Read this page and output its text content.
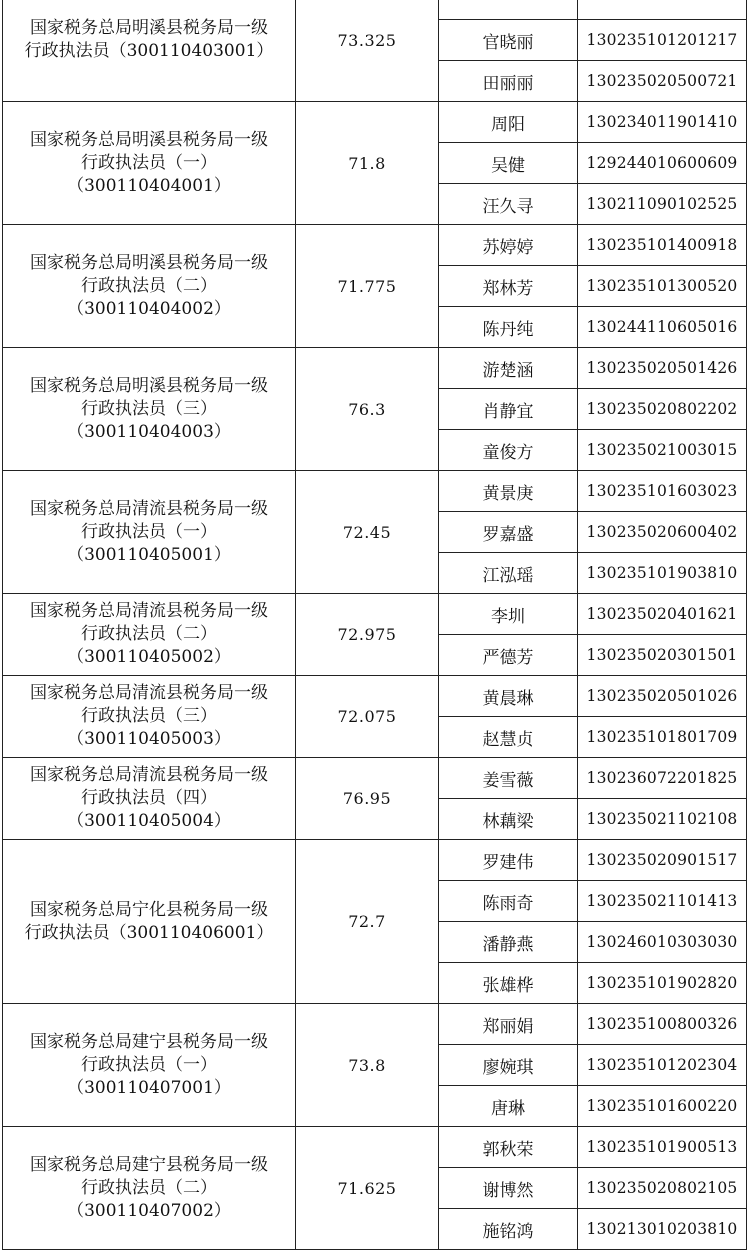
国家税务总局明溪县税务局一级
行政执法员（300110403001）	73.325		
		官晓丽	130235101201217
		田丽丽	130235020500721

国家税务总局明溪县税务局一级
行政执法员（一）
（300110404001）	71.8	周阳	130234011901410
		吴健	129244010600609
		汪久寻	130211090102525

国家税务总局明溪县税务局一级
行政执法员（二）
（300110404002）	71.775	苏婷婷	130235101400918
		郑林芳	130235101300520
		陈丹纯	130244110605016

国家税务总局明溪县税务局一级
行政执法员（三）
（300110404003）	76.3	游楚涵	130235020501426
		肖静宜	130235020802202
		童俊方	130235021003015

国家税务总局清流县税务局一级
行政执法员（一）
（300110405001）	72.45	黄景庚	130235101603023
		罗嘉盛	130235020600402
		江泓瑶	130235101903810

国家税务总局清流县税务局一级
行政执法员（二）
（300110405002）	72.975	李圳	130235020401621
		严德芳	130235020301501

国家税务总局清流县税务局一级
行政执法员（三）
（300110405003）	72.075	黄晨琳	130235020501026
		赵慧贞	130235101801709

国家税务总局清流县税务局一级
行政执法员（四）
（300110405004）	76.95	姜雪薇	130236072201825
		林藕梁	130235021102108

国家税务总局宁化县税务局一级
行政执法员（300110406001）	72.7	罗建伟	130235020901517
		陈雨奇	130235021101413
		潘静燕	130246010303030
		张雄桦	130235101902820

国家税务总局建宁县税务局一级
行政执法员（一）
（300110407001）	73.8	郑丽娟	130235100800326
		廖婉琪	130235101202304
		唐琳	130235101600220

国家税务总局建宁县税务局一级
行政执法员（二）
（300110407002）	71.625	郭秋荣	130235101900513
		谢博然	130235020802105
		施铭鸿	130213010203810
